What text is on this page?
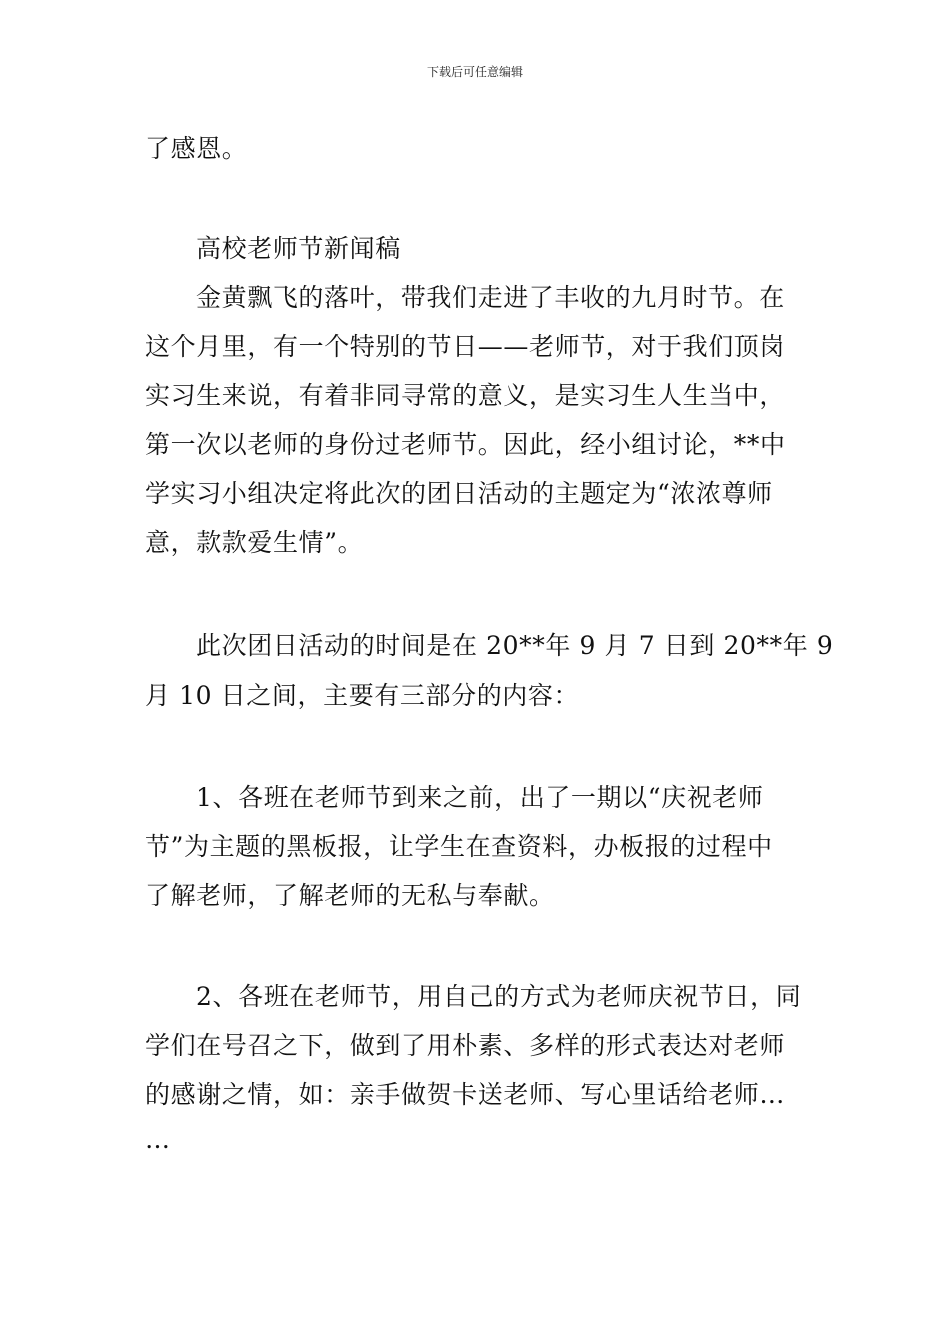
下载后可任意编辑
了感恩。
高校老师节新闻稿
金黄飘飞的落叶，带我们走进了丰收的九月时节。在
这个月里，有一个特别的节日——老师节，对于我们顶岗
实习生来说，有着非同寻常的意义，是实习生人生当中，
第一次以老师的身份过老师节。因此，经小组讨论，**中
学实习小组决定将此次的团日活动的主题定为“浓浓尊师
意，款款爱生情”。
此次团日活动的时间是在 20**年 9 月 7 日到 20**年 9
月 10 日之间，主要有三部分的内容：
1、各班在老师节到来之前，出了一期以“庆祝老师
节”为主题的黑板报，让学生在查资料，办板报的过程中
了解老师，了解老师的无私与奉献。
2、各班在老师节，用自己的方式为老师庆祝节日，同
学们在号召之下，做到了用朴素、多样的形式表达对老师
的感谢之情，如：亲手做贺卡送老师、写心里话给老师…
…
